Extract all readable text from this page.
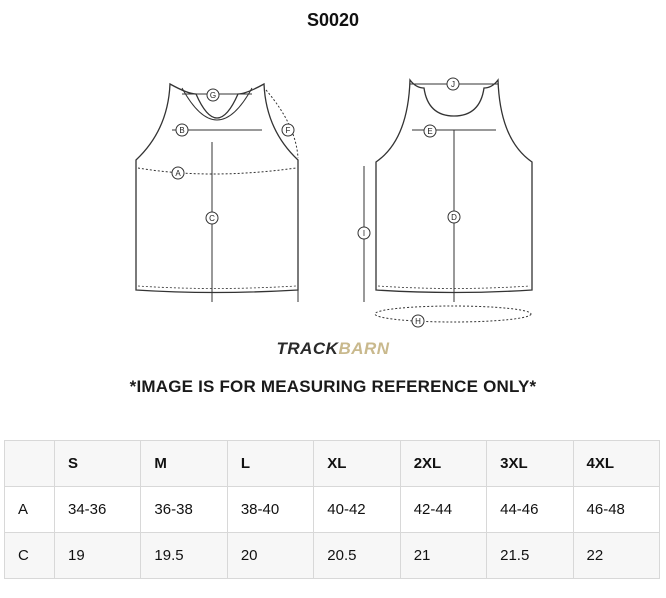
S0020
G
B	F
A
C
J
E
D
I
H
TRACKBARN
*IMAGE IS FOR MEASURING REFERENCE ONLY*
	S	M	L	XL	2XL	3XL	4XL
A	34-36	36-38	38-40	40-42	42-44	44-46	46-48
C	19	19.5	20	20.5	21	21.5	22
